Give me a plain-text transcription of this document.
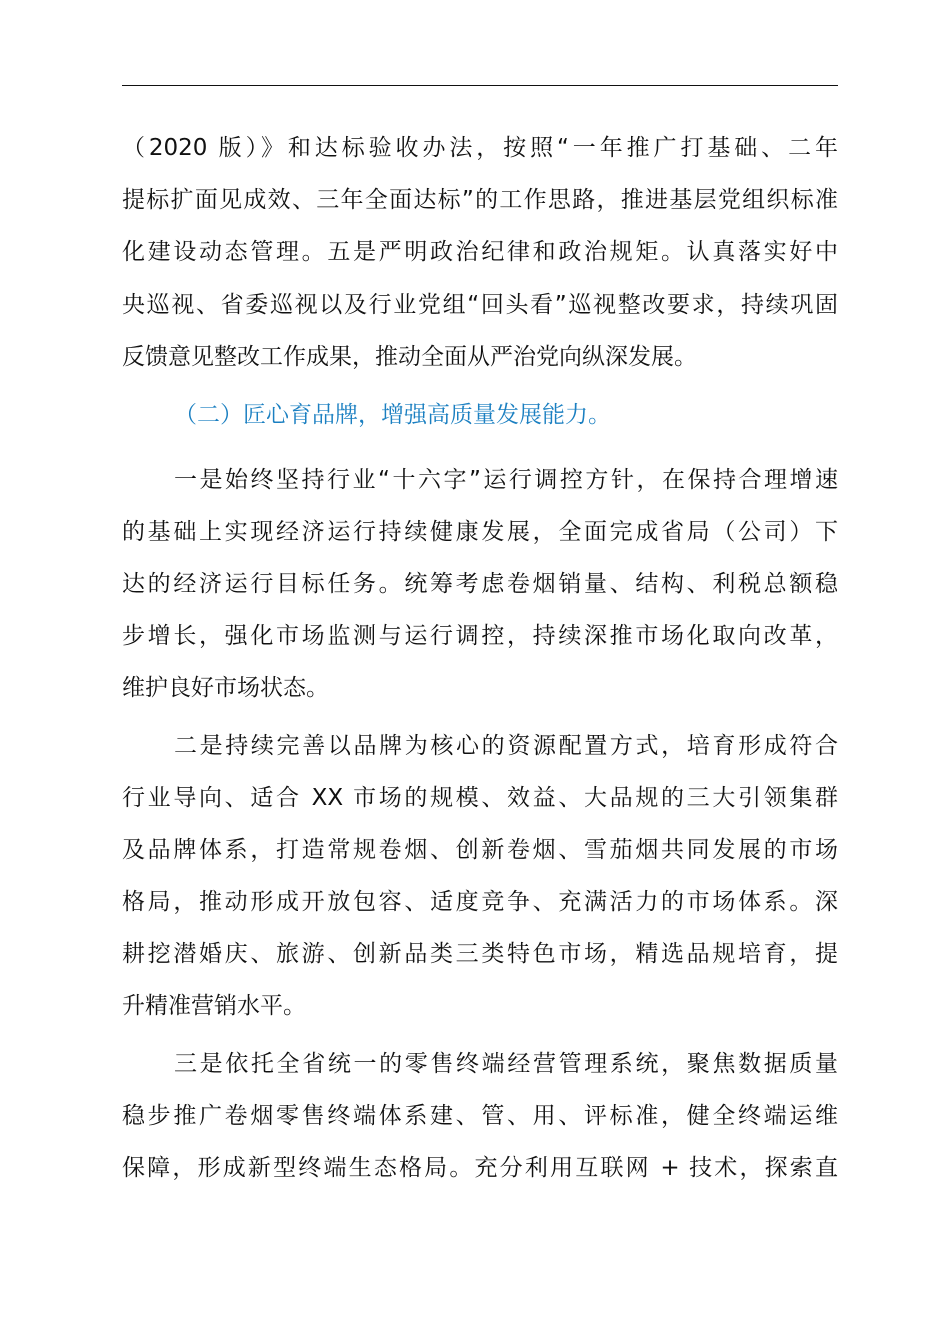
（2020 版）》和达标验收办法，按照“一年推广打基础、二年
提标扩面见成效、三年全面达标”的工作思路，推进基层党组织标准
化建设动态管理。五是严明政治纪律和政治规矩。认真落实好中
央巡视、省委巡视以及行业党组“回头看”巡视整改要求，持续巩固
反馈意见整改工作成果，推动全面从严治党向纵深发展。
（二）匠心育品牌，增强高质量发展能力。
一是始终坚持行业“十六字”运行调控方针，在保持合理增速
的基础上实现经济运行持续健康发展，全面完成省局（公司）下
达的经济运行目标任务。统筹考虑卷烟销量、结构、利税总额稳
步增长，强化市场监测与运行调控，持续深推市场化取向改革，
维护良好市场状态。
二是持续完善以品牌为核心的资源配置方式，培育形成符合
行业导向、适合 XX 市场的规模、效益、大品规的三大引领集群
及品牌体系，打造常规卷烟、创新卷烟、雪茄烟共同发展的市场
格局，推动形成开放包容、适度竞争、充满活力的市场体系。深
耕挖潜婚庆、旅游、创新品类三类特色市场，精选品规培育，提
升精准营销水平。
三是依托全省统一的零售终端经营管理系统，聚焦数据质量
稳步推广卷烟零售终端体系建、管、用、评标准，健全终端运维
保障，形成新型终端生态格局。充分利用互联网 + 技术，探索直
